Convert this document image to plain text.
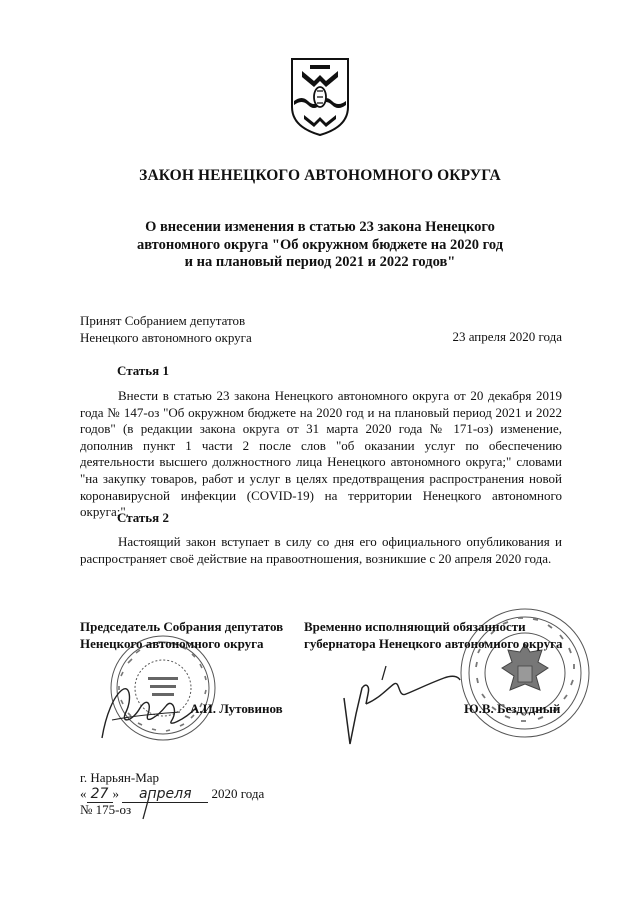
ЗАКОН НЕНЕЦКОГО АВТОНОМНОГО ОКРУГА
О внесении изменения в статью 23 закона Ненецкого
автономного округа "Об окружном бюджете на 2020 год
и на плановый период 2021 и 2022 годов"
Принят Собранием депутатов
Ненецкого автономного округа	23 апреля 2020 года
Статья 1
Внести в статью 23 закона Ненецкого автономного округа от 20 декабря 2019 года № 147-оз "Об окружном бюджете на 2020 год и на плановый период 2021 и 2022 годов" (в редакции закона округа от 31 марта 2020 года № 171-оз) изменение, дополнив пункт 1 части 2 после слов "об оказании услуг по обеспечению деятельности высшего должностного лица Ненецкого автономного округа;" словами "на закупку товаров, работ и услуг в целях предотвращения распространения новой коронавирусной инфекции (COVID-19) на территории Ненецкого автономного округа;".
Статья 2
Настоящий закон вступает в силу со дня его официального опубликования и распространяет своё действие на правоотношения, возникшие с 20 апреля 2020 года.
Председатель Собрания депутатов
Ненецкого автономного округа
А.И. Лутовинов
Временно исполняющий обязанности
губернатора Ненецкого автономного округа
Ю.В. Бездудный
г. Нарьян-Мар
« 27 » апреля 2020 года
№ 175-оз
